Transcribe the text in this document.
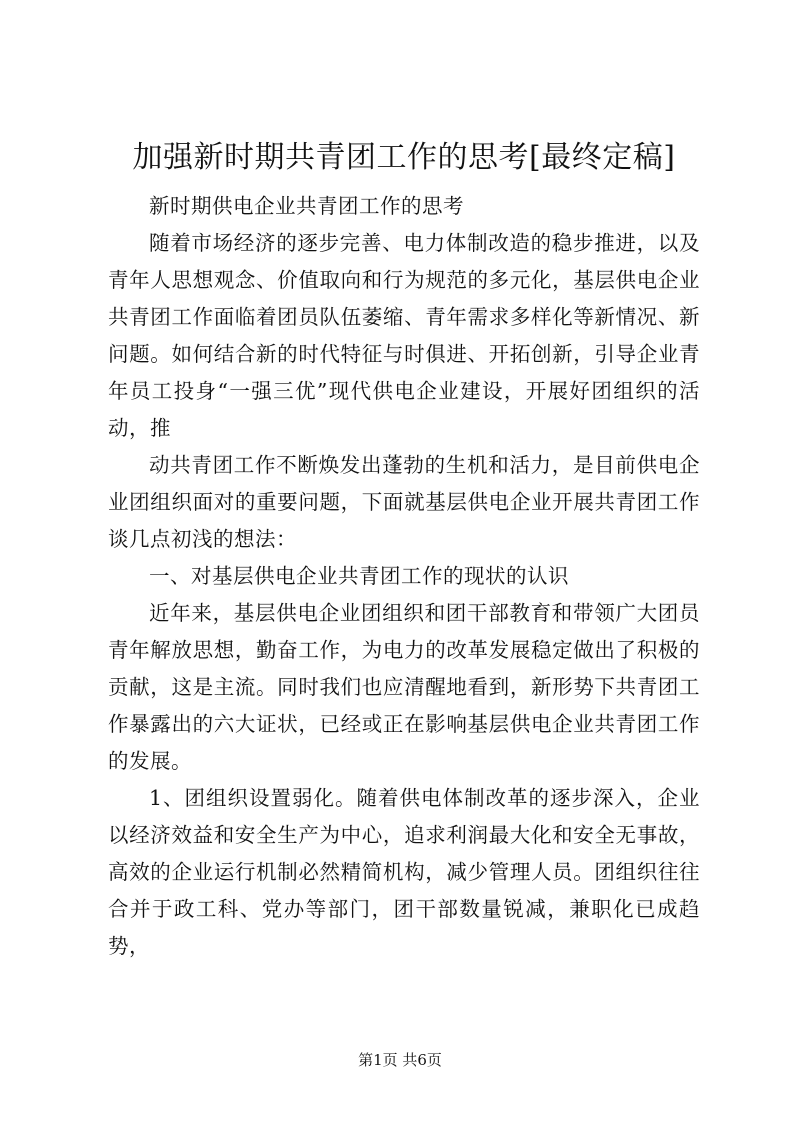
加强新时期共青团工作的思考[最终定稿]

新时期供电企业共青团工作的思考

随着市场经济的逐步完善、电力体制改造的稳步推进，以及青年人思想观念、价值取向和行为规范的多元化，基层供电企业共青团工作面临着团员队伍萎缩、青年需求多样化等新情况、新问题。如何结合新的时代特征与时俱进、开拓创新，引导企业青年员工投身“一强三优”现代供电企业建设，开展好团组织的活动，推

动共青团工作不断焕发出蓬勃的生机和活力，是目前供电企业团组织面对的重要问题，下面就基层供电企业开展共青团工作谈几点初浅的想法：

一、对基层供电企业共青团工作的现状的认识

近年来，基层供电企业团组织和团干部教育和带领广大团员青年解放思想，勤奋工作，为电力的改革发展稳定做出了积极的贡献，这是主流。同时我们也应清醒地看到，新形势下共青团工作暴露出的六大证状，已经或正在影响基层供电企业共青团工作的发展。

1、团组织设置弱化。随着供电体制改革的逐步深入，企业以经济效益和安全生产为中心，追求利润最大化和安全无事故，高效的企业运行机制必然精简机构，减少管理人员。团组织往往合并于政工科、党办等部门，团干部数量锐减，兼职化已成趋势，

第1页 共6页
